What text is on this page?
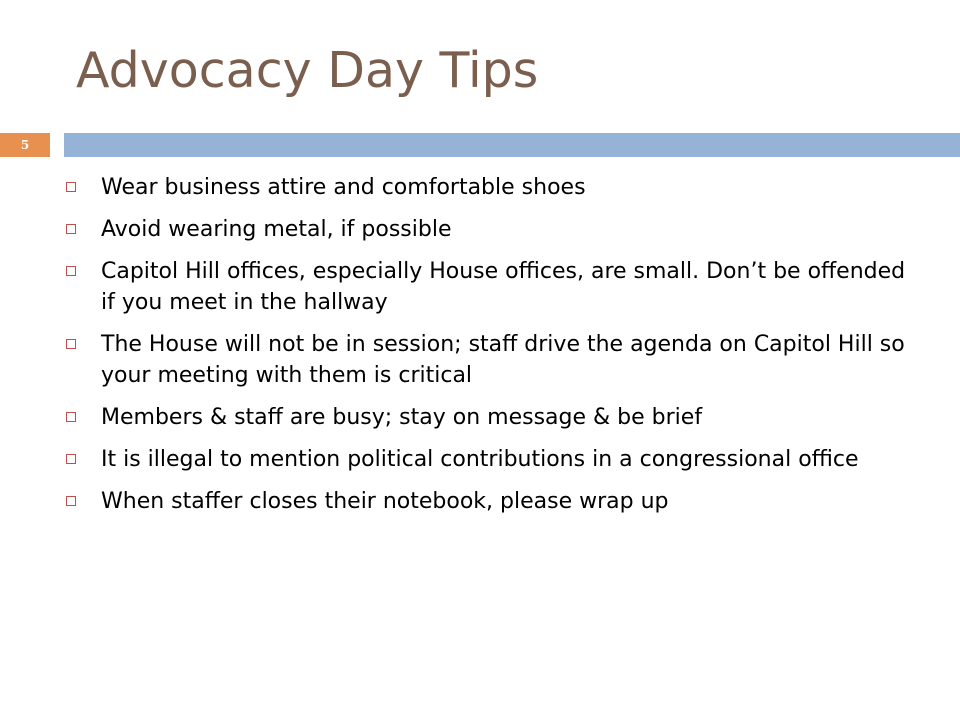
Advocacy Day Tips
5
Wear business attire and comfortable shoes
Avoid wearing metal, if possible
Capitol Hill offices, especially House offices, are small. Don’t be offended if you meet in the hallway
The House will not be in session; staff drive the agenda on Capitol Hill so your meeting with them is critical
Members & staff are busy; stay on message & be brief
It is illegal to mention political contributions in a congressional office
When staffer closes their notebook, please wrap up
